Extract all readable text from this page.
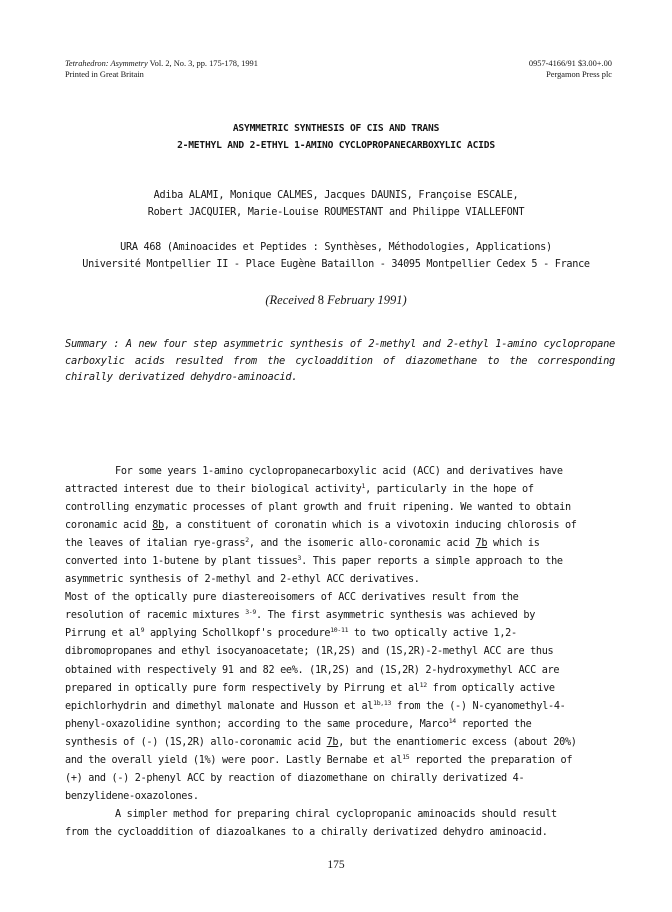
Tetrahedron: Asymmetry Vol. 2, No. 3, pp. 175-178, 1991
Printed in Great Britain
0957-4166/91 $3.00+.00
Pergamon Press plc
ASYMMETRIC SYNTHESIS OF CIS AND TRANS
2-METHYL AND 2-ETHYL 1-AMINO CYCLOPROPANECARBOXYLIC ACIDS
Adiba ALAMI, Monique CALMES, Jacques DAUNIS, Françoise ESCALE,
Robert JACQUIER, Marie-Louise ROUMESTANT and Philippe VIALLEFONT
URA 468 (Aminoacides et Peptides : Synthèses, Méthodologies, Applications)
Université Montpellier II - Place Eugène Bataillon - 34095 Montpellier Cedex 5 - France
(Received 8 February 1991)

Summary : A new four step asymmetric synthesis of 2-methyl and 2-ethyl 1-amino cyclopropane carboxylic acids resulted from the cycloaddition of diazomethane to the corresponding chirally derivatized dehydro-aminoacid.

For some years 1-amino cyclopropanecarboxylic acid (ACC) and derivatives have
attracted interest due to their biological activity$^1$, particularly in the hope of
controlling enzymatic processes of plant growth and fruit ripening. We wanted to obtain
coronamic acid 8b, a constituent of coronatin which is a vivotoxin inducing chlorosis of
the leaves of italian rye-grass$^2$, and the isomeric allo-coronamic acid 7b which is
converted into 1-butene by plant tissues$^3$. This paper reports a simple approach to the
asymmetric synthesis of 2-methyl and 2-ethyl ACC derivatives.
Most of the optically pure diastereoisomers of ACC derivatives result from the
resolution of racemic mixtures $^{3-9}$. The first asymmetric synthesis was achieved by
Pirrung et $al^9$ applying Schollkopf's procedure$^{10-11}$ to two optically active 1,2-
dibromopropanes and ethyl isocyanoacetate; (1R,2S) and (1S,2R)-2-methyl ACC are thus
obtained with respectively 91 and 82 ee%. (1R,2S) and (1S,2R) 2-hydroxymethyl ACC are
prepared in optically pure form respectively by Pirrung et $al^{12}$ from optically active
epichlorhydrin and dimethyl malonate and Husson et $al^{1b,13}$ from the (-) N-cyanomethyl-4-
phenyl-oxazolidine synthon; according to the same procedure, Marco$^{14}$ reported the
synthesis of (-) (1S,2R) allo-coronamic acid 7b, but the enantiomeric excess (about 20%)
and the overall yield (1%) were poor. Lastly Bernabe et $al^{15}$ reported the preparation of
(+) and (-) 2-phenyl ACC by reaction of diazomethane on chirally derivatized 4-
benzylidene-oxazolones.
A simpler method for preparing chiral cyclopropanic aminoacids should result
from the cycloaddition of diazoalkanes to a chirally derivatized dehydro aminoacid.
175
